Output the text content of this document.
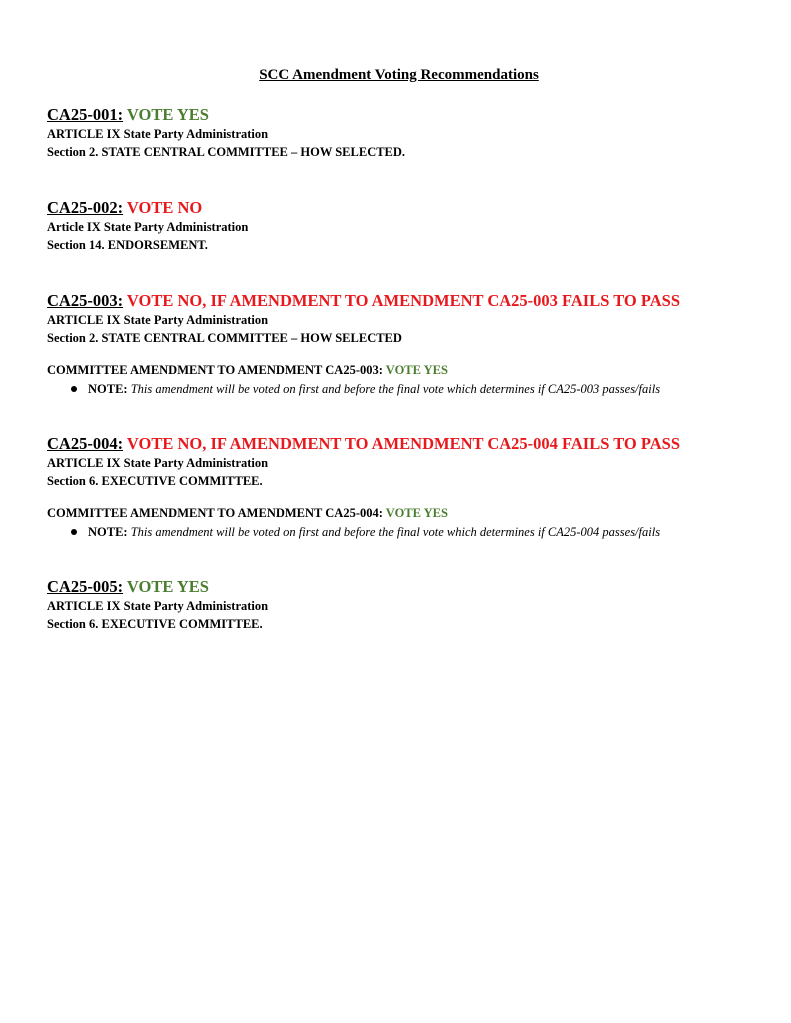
SCC Amendment Voting Recommendations
CA25-001: VOTE YES
ARTICLE IX State Party Administration
Section 2. STATE CENTRAL COMMITTEE – HOW SELECTED.
CA25-002: VOTE NO
Article IX State Party Administration
Section 14. ENDORSEMENT.
CA25-003: VOTE NO, IF AMENDMENT TO AMENDMENT CA25-003 FAILS TO PASS
ARTICLE IX State Party Administration
Section 2. STATE CENTRAL COMMITTEE – HOW SELECTED
COMMITTEE AMENDMENT TO AMENDMENT CA25-003: VOTE YES
NOTE: This amendment will be voted on first and before the final vote which determines if CA25-003 passes/fails
CA25-004: VOTE NO, IF AMENDMENT TO AMENDMENT CA25-004 FAILS TO PASS
ARTICLE IX State Party Administration
Section 6. EXECUTIVE COMMITTEE.
COMMITTEE AMENDMENT TO AMENDMENT CA25-004: VOTE YES
NOTE: This amendment will be voted on first and before the final vote which determines if CA25-004 passes/fails
CA25-005: VOTE YES
ARTICLE IX State Party Administration
Section 6. EXECUTIVE COMMITTEE.
